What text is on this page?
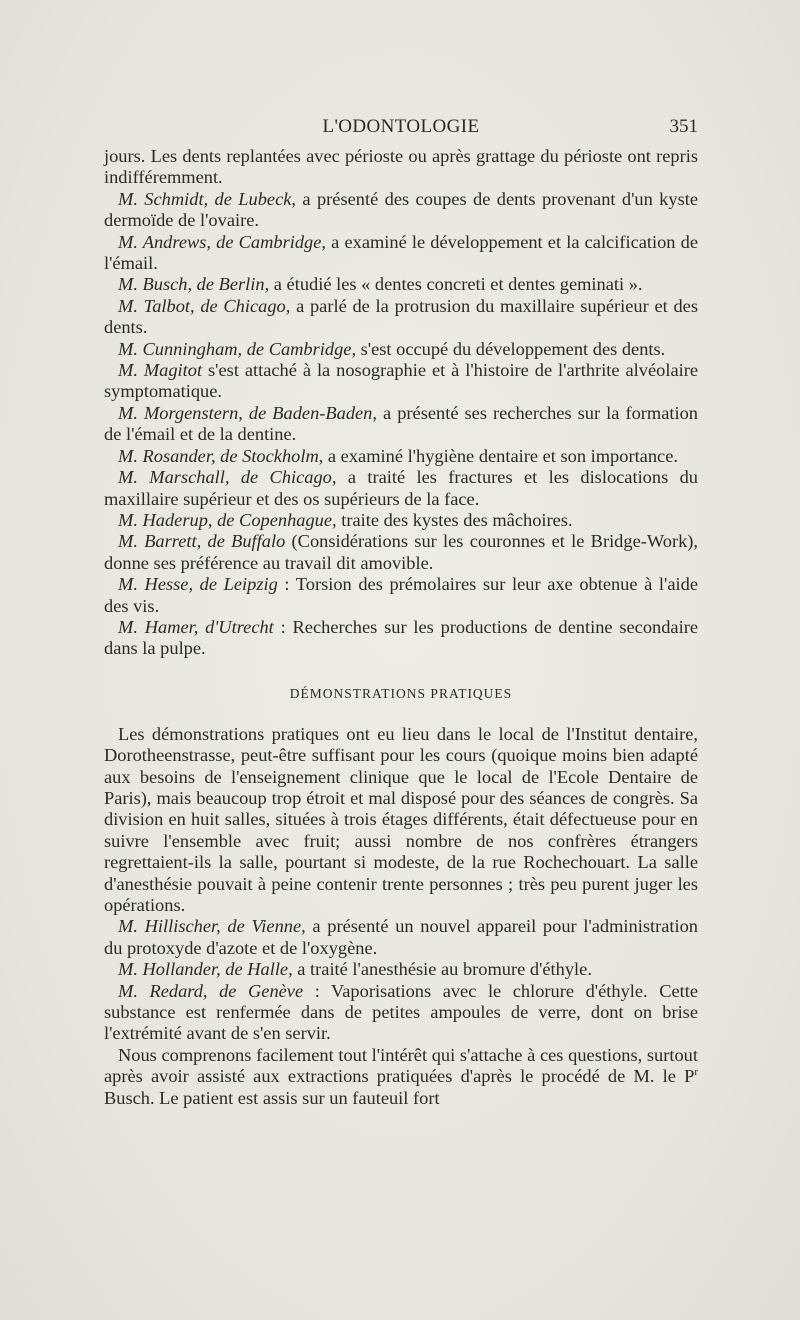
L'ODONTOLOGIE	351

jours. Les dents replantées avec périoste ou après grattage du périoste ont repris indifféremment.

M. Schmidt, de Lubeck, a présenté des coupes de dents provenant d'un kyste dermoïde de l'ovaire.

M. Andrews, de Cambridge, a examiné le développement et la calcification de l'émail.

M. Busch, de Berlin, a étudié les « dentes concreti et dentes geminati ».

M. Talbot, de Chicago, a parlé de la protrusion du maxillaire supérieur et des dents.

M. Cunningham, de Cambridge, s'est occupé du développement des dents.

M. Magitot s'est attaché à la nosographie et à l'histoire de l'arthrite alvéolaire symptomatique.

M. Morgenstern, de Baden-Baden, a présenté ses recherches sur la formation de l'émail et de la dentine.

M. Rosander, de Stockholm, a examiné l'hygiène dentaire et son importance.

M. Marschall, de Chicago, a traité les fractures et les dislocations du maxillaire supérieur et des os supérieurs de la face.

M. Haderup, de Copenhague, traite des kystes des mâchoires.

M. Barrett, de Buffalo (Considérations sur les couronnes et le Bridge-Work), donne ses préférence au travail dit amovible.

M. Hesse, de Leipzig : Torsion des prémolaires sur leur axe obtenue à l'aide des vis.

M. Hamer, d'Utrecht : Recherches sur les productions de dentine secondaire dans la pulpe.

DÉMONSTRATIONS PRATIQUES

Les démonstrations pratiques ont eu lieu dans le local de l'Institut dentaire, Dorotheenstrasse, peut-être suffisant pour les cours (quoique moins bien adapté aux besoins de l'enseignement clinique que le local de l'Ecole Dentaire de Paris), mais beaucoup trop étroit et mal disposé pour des séances de congrès. Sa division en huit salles, situées à trois étages différents, était défectueuse pour en suivre l'ensemble avec fruit; aussi nombre de nos confrères étrangers regrettaient-ils la salle, pourtant si modeste, de la rue Rochechouart. La salle d'anesthésie pouvait à peine contenir trente personnes ; très peu purent juger les opérations.

M. Hillischer, de Vienne, a présenté un nouvel appareil pour l'administration du protoxyde d'azote et de l'oxygène.

M. Hollander, de Halle, a traité l'anesthésie au bromure d'éthyle.

M. Redard, de Genève : Vaporisations avec le chlorure d'éthyle. Cette substance est renfermée dans de petites ampoules de verre, dont on brise l'extrémité avant de s'en servir.

Nous comprenons facilement tout l'intérêt qui s'attache à ces questions, surtout après avoir assisté aux extractions pratiquées d'après le procédé de M. le $P^r$ Busch. Le patient est assis sur un fauteuil fort
